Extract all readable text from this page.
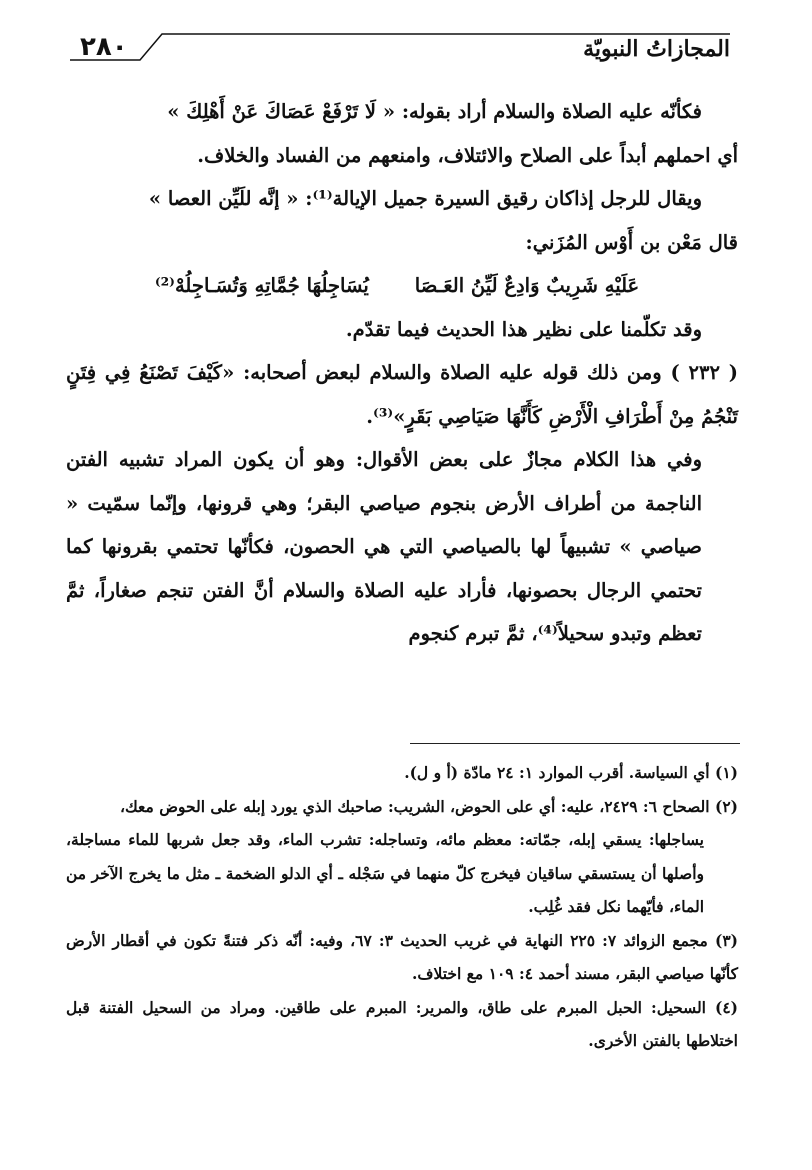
٢٨٠	المجازاتُ النبويّة

فكأنّه عليه الصلاة والسلام أراد بقوله: « لَا تَرْفَعْ عَصَاكَ عَنْ أَهْلِكَ »

أي احملهم أبداً على الصلاح والائتلاف، وامنعهم من الفساد والخلاف.

ويقال للرجل إذاكان رقيق السيرة جميل الإيالة⁽¹⁾: « إنَّه للَيِّن العصا »

قال مَعْن بن أَوْس المُزَني:

عَلَيْهِ شَرِيبٌ وَادِعٌ لَيِّنُ العَـصَا
يُسَاجِلُهَا جُمَّاتِهِ وَتُسَـاجِلُهْ⁽²⁾

وقد تكلّمنا على نظير هذا الحديث فيما تقدّم.

( ٢٣٢ ) ومن ذلك قوله عليه الصلاة والسلام لبعض أصحابه: «كَيْفَ تَصْنَعُ فِي فِتَنٍ تَنْجُمُ مِنْ أَطْرَافِ الْأَرْضِ كَأَنَّهَا صَيَاصِي بَقَرٍ»⁽³⁾.

وفي هذا الكلام مجازٌ على بعض الأقوال: وهو أن يكون المراد تشبيه الفتن الناجمة من أطراف الأرض بنجوم صياصي البقر؛ وهي قرونها، وإنّما سمّيت « صياصي » تشبيهاً لها بالصياصي التي هي الحصون، فكأنّها تحتمي بقرونها كما تحتمي الرجال بحصونها، فأراد عليه الصلاة والسلام أنَّ الفتن تنجم صغاراً، ثمَّ تعظم وتبدو سحيلاً⁽⁴⁾، ثمَّ تبرم كنجوم

(١) أي السياسة. أقرب الموارد ١: ٢٤ مادّة (أ و ل).

(٢) الصحاح ٦: ٢٤٢٩، عليه: أي على الحوض، الشريب: صاحبك الذي يورد إبله على الحوض معك،

يساجلها: يسقي إبله، جمّاته: معظم مائه، وتساجله: تشرب الماء، وقد جعل شربها للماء مساجلة، وأصلها أن يستسقي ساقيان فيخرج كلّ منهما في سَجْله ـ أي الدلو الضخمة ـ مثل ما يخرج الآخر من الماء، فأيّهما نكل فقد غُلِب.

(٣) مجمع الزوائد ٧: ٢٢٥ النهاية في غريب الحديث ٣: ٦٧، وفيه: أنّه ذكر فتنةً تكون في أقطار الأرض كأنّها صياصي البقر، مسند أحمد ٤: ١٠٩ مع اختلاف.

(٤) السحيل: الحبل المبرم على طاق، والمرير: المبرم على طاقين. ومراد من السحيل الفتنة قبل اختلاطها بالفتن الأخرى.
